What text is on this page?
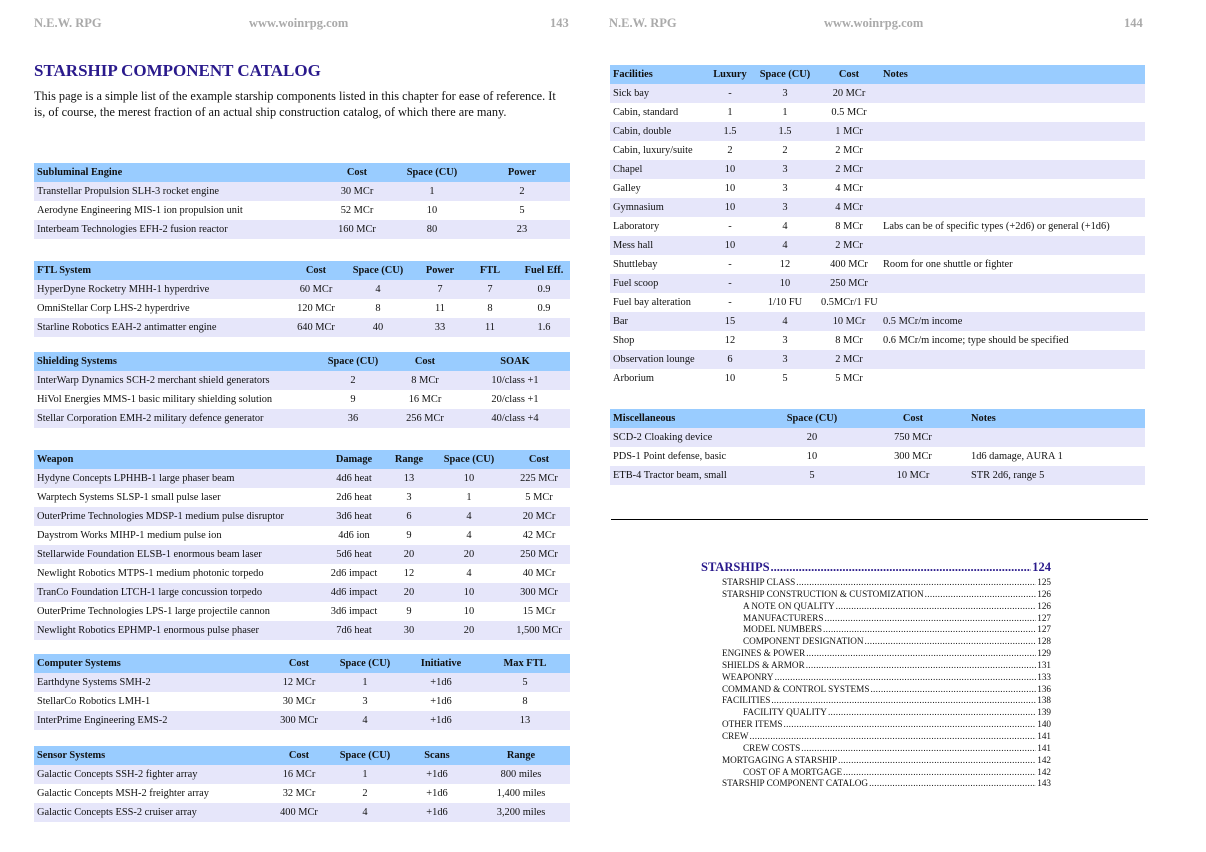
N.E.W. RPG	www.woinrpg.com	143
STARSHIP COMPONENT CATALOG

This page is a simple list of the example starship components listed in this chapter for ease of reference. It is, of course, the merest fraction of an actual ship construction catalog, of which there are many.

Subluminal Engine	Cost	Space (CU)	Power
Transtellar Propulsion SLH-3 rocket engine	30 MCr	1	2
Aerodyne Engineering MIS-1 ion propulsion unit	52 MCr	10	5
Interbeam Technologies EFH-2 fusion reactor	160 MCr	80	23
FTL System	Cost	Space (CU)	Power	FTL	Fuel Eff.
HyperDyne Rocketry MHH-1 hyperdrive	60 MCr	4	7	7	0.9
OmniStellar Corp LHS-2 hyperdrive	120 MCr	8	11	8	0.9
Starline Robotics EAH-2 antimatter engine	640 MCr	40	33	11	1.6
Shielding Systems	Space (CU)	Cost	SOAK
InterWarp Dynamics SCH-2 merchant shield generators	2	8 MCr	10/class +1
HiVol Energies MMS-1 basic military shielding solution	9	16 MCr	20/class +1
Stellar Corporation EMH-2 military defence generator	36	256 MCr	40/class +4
Weapon	Damage	Range	Space (CU)	Cost
Hydyne Concepts LPHHB-1 large phaser beam	4d6 heat	13	10	225 MCr
Warptech Systems SLSP-1 small pulse laser	2d6 heat	3	1	5 MCr
OuterPrime Technologies MDSP-1 medium pulse disruptor	3d6 heat	6	4	20 MCr
Daystrom Works MIHP-1 medium pulse ion	4d6 ion	9	4	42 MCr
Stellarwide Foundation ELSB-1 enormous beam laser	5d6 heat	20	20	250 MCr
Newlight Robotics MTPS-1 medium photonic torpedo	2d6 impact	12	4	40 MCr
TranCo Foundation LTCH-1 large concussion torpedo	4d6 impact	20	10	300 MCr
OuterPrime Technologies LPS-1 large projectile cannon	3d6 impact	9	10	15 MCr
Newlight Robotics EPHMP-1 enormous pulse phaser	7d6 heat	30	20	1,500 MCr
Computer Systems	Cost	Space (CU)	Initiative	Max FTL
Earthdyne Systems SMH-2	12 MCr	1	+1d6	5
StellarCo Robotics LMH-1	30 MCr	3	+1d6	8
InterPrime Engineering EMS-2	300 MCr	4	+1d6	13
Sensor Systems	Cost	Space (CU)	Scans	Range
Galactic Concepts SSH-2 fighter array	16 MCr	1	+1d6	800 miles
Galactic Concepts MSH-2 freighter array	32 MCr	2	+1d6	1,400 miles
Galactic Concepts ESS-2 cruiser array	400 MCr	4	+1d6	3,200 miles
N.E.W. RPG	www.woinrpg.com	144
Facilities	Luxury	Space (CU)	Cost	Notes
Sick bay	-	3	20 MCr	
Cabin, standard	1	1	0.5 MCr	
Cabin, double	1.5	1.5	1 MCr	
Cabin, luxury/suite	2	2	2 MCr	
Chapel	10	3	2 MCr	
Galley	10	3	4 MCr	
Gymnasium	10	3	4 MCr	
Laboratory	-	4	8 MCr	Labs can be of specific types (+2d6) or general (+1d6)
Mess hall	10	4	2 MCr	
Shuttlebay	-	12	400 MCr	Room for one shuttle or fighter
Fuel scoop	-	10	250 MCr	
Fuel bay alteration	-	1/10 FU	0.5MCr/1 FU	
Bar	15	4	10 MCr	0.5 MCr/m income
Shop	12	3	8 MCr	0.6 MCr/m income; type should be specified
Observation lounge	6	3	2 MCr	
Arborium	10	5	5 MCr	
Miscellaneous	Space (CU)	Cost	Notes
SCD-2 Cloaking device	20	750 MCr	
PDS-1 Point defense, basic	10	300 MCr	1d6 damage, AURA 1
ETB-4 Tractor beam, small	5	10 MCr	STR 2d6, range 5
STARSHIPS .....	124
STARSHIP CLASS .....	125
STARSHIP CONSTRUCTION & CUSTOMIZATION .....	126
A NOTE ON QUALITY .....	126
MANUFACTURERS .....	127
MODEL NUMBERS .....	127
COMPONENT DESIGNATION .....	128
ENGINES & POWER .....	129
SHIELDS & ARMOR .....	131
WEAPONRY .....	133
COMMAND & CONTROL SYSTEMS .....	136
FACILITIES .....	138
FACILITY QUALITY .....	139
OTHER ITEMS .....	140
CREW .....	141
CREW COSTS .....	141
MORTGAGING A STARSHIP .....	142
COST OF A MORTGAGE .....	142
STARSHIP COMPONENT CATALOG .....	143
